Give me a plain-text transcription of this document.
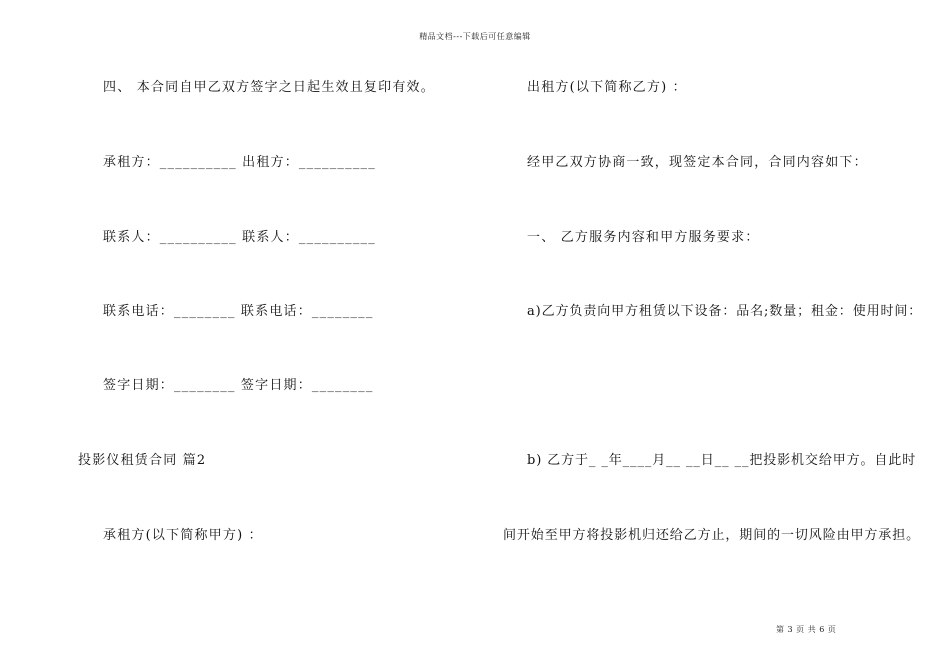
精品文档---下载后可任意编辑
四、 本合同自甲乙双方签字之日起生效且复印有效。
承租方：__________ 出租方：__________
联系人：__________ 联系人：__________
联系电话：________ 联系电话：________
签字日期：________ 签字日期：________
投影仪租赁合同 篇2
承租方(以下简称甲方) ：
出租方(以下简称乙方) ：
经甲乙双方协商一致，现签定本合同，合同内容如下：
一、 乙方服务内容和甲方服务要求：
a)乙方负责向甲方租赁以下设备：品名;数量；租金：使用时间：
b) 乙方于_ _年____月__ __日__ __把投影机交给甲方。自此时
间开始至甲方将投影机归还给乙方止，期间的一切风险由甲方承担。
第 3 页 共 6 页
